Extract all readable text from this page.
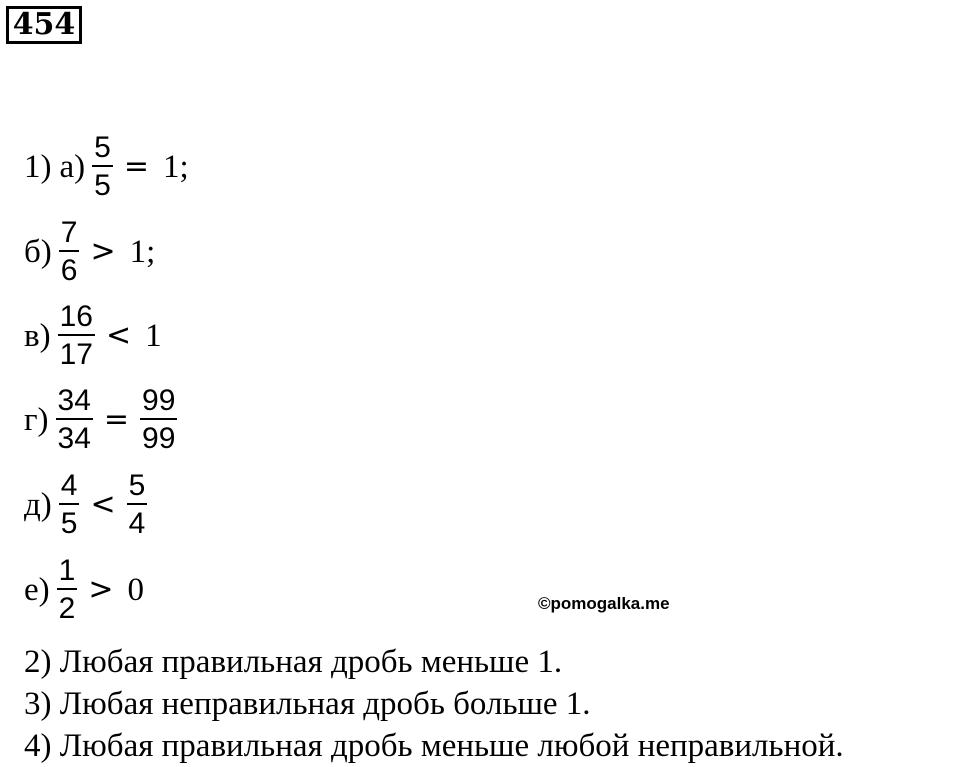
454
1) $а) \frac{5}{5} = 1$;
$б) \frac{7}{6} > 1$;
$в) \frac{16}{17} < 1$
$г) \frac{34}{34} = \frac{99}{99}$
$д) \frac{4}{5} < \frac{5}{4}$
$е) \frac{1}{2} > 0$	©pomogalka.me
2) Любая правильная дробь меньше 1.
3) Любая неправильная дробь больше 1.
4) Любая правильная дробь меньше любой неправильной.
